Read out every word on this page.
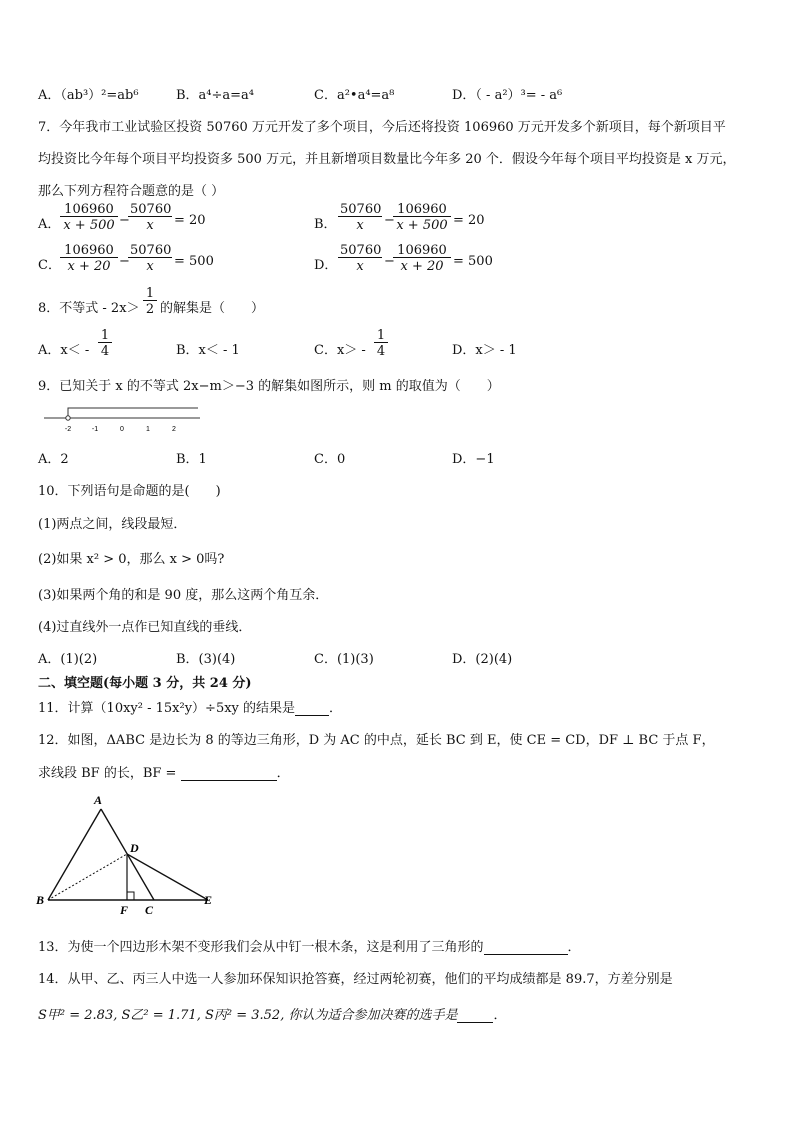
A．（ab³）²=ab⁶	B．a⁴÷a=a⁴	C．a²•a⁴=a⁸	D．（ - a²）³= - a⁶
7．今年我市工业试验区投资 50760 万元开发了多个项目，今后还将投资 106960 万元开发多个新项目，每个新项目平
均投资比今年每个项目平均投资多 500 万元，并且新增项目数量比今年多 20 个．假设今年每个项目平均投资是 x 万元，
那么下列方程符合题意的是（ ）
A． $\frac{106960}{x + 500}$ −
$\frac{50760}{x} = 20$	B． $\frac{50760}{x}$ −
$\frac{106960}{x + 500} = 20$
C． $\frac{106960}{x + 20}$ −
$\frac{50760}{x} = 500$	D． $\frac{50760}{x}$ −
$\frac{106960}{x + 20} = 500$
8．不等式 - $2x> \frac{1}{2}$ 的解集是（　　）
A．$x< - \frac{1}{4}$	B．x＜ - 1	C．$x> - \frac{1}{4}$	D．x＞ - 1
9．已知关于 x 的不等式 2x−m＞−3 的解集如图所示，则 m 的取值为（　　）
-2	-1	0	1	2
A．2	B．1	C．0	D．−1
10．下列语句是命题的是(　　)
(1)两点之间，线段最短．
(2)如果 x² > 0，那么 x > 0吗?
(3)如果两个角的和是 90 度，那么这两个角互余．
(4)过直线外一点作已知直线的垂线．
A．(1)(2)	B．(3)(4)	C．(1)(3)	D．(2)(4)
二、填空题(每小题 3 分，共 24 分)
11．计算（10xy² - 15x²y）÷5xy 的结果是	．
12．如图，ΔABC 是边长为 8 的等边三角形，D 为 AC 的中点，延长 BC 到 E，使 CE = CD，DF ⊥ BC 于点 F，
求线段 BF 的长，BF =	．
A
B
C
D
E
F
13．为使一个四边形木架不变形我们会从中钉一根木条，这是利用了三角形的	．
14．从甲、乙、丙三人中选一人参加环保知识抢答赛，经过两轮初赛，他们的平均成绩都是 89.7，方差分别是
S甲² = 2.83, S乙² = 1.71, S丙² = 3.52, 你认为适合参加决赛的选手是	．
